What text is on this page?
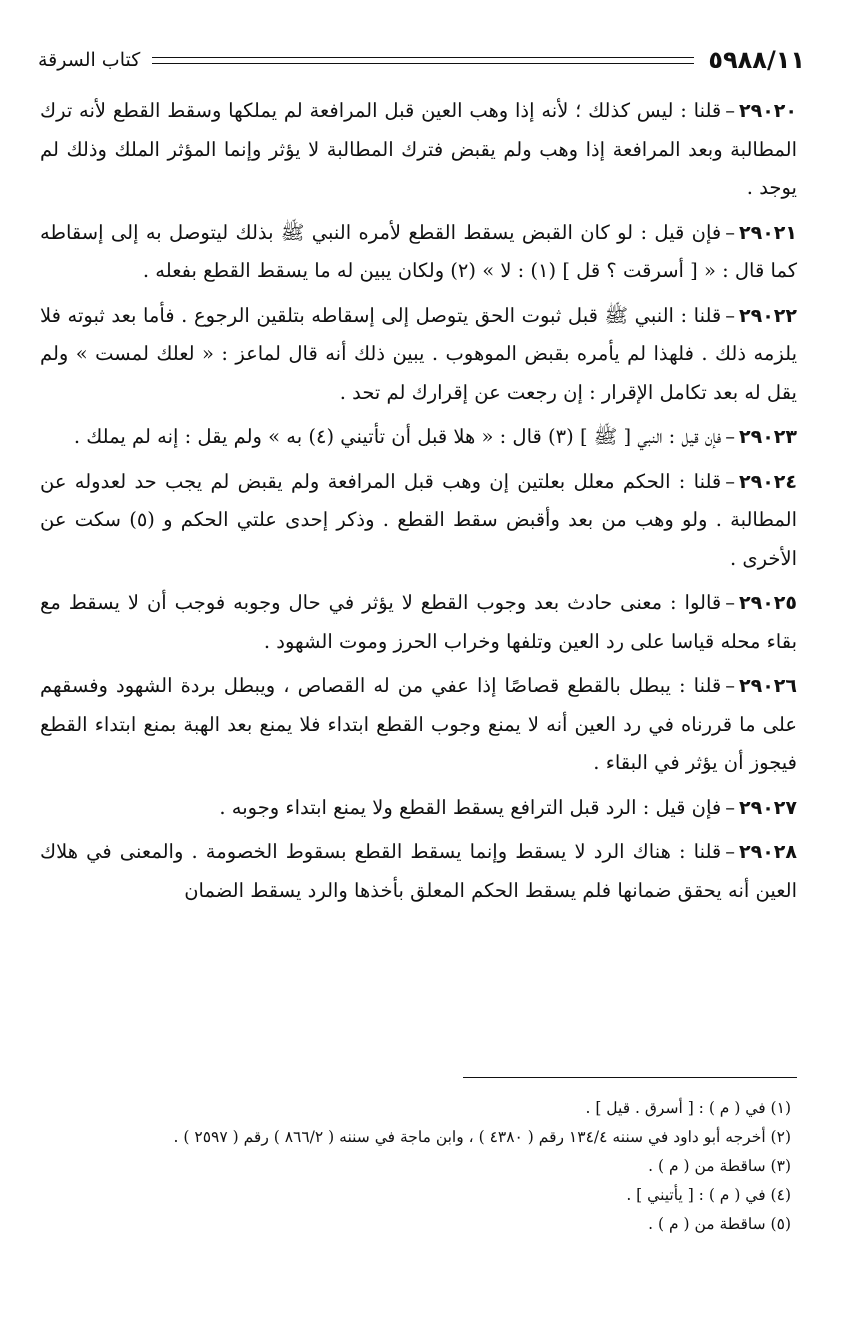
٥٩٨٨/١١
كتاب السرقة

٢٩٠٢٠–قلنا : ليس كذلك ؛ لأنه إذا وهب العين قبل المرافعة لم يملكها وسقط القطع لأنه ترك المطالبة وبعد المرافعة إذا وهب ولم يقبض فترك المطالبة لا يؤثر وإنما المؤثر الملك وذلك لم يوجد .

٢٩٠٢١–فإن قيل : لو كان القبض يسقط القطع لأمره النبي ﷺ بذلك ليتوصل به إلى إسقاطه كما قال : « [ أسرقت ؟ قل ] (١) : لا » (٢) ولكان يبين له ما يسقط القطع بفعله .

٢٩٠٢٢–قلنا : النبي ﷺ قبل ثبوت الحق يتوصل إلى إسقاطه بتلقين الرجوع . فأما بعد ثبوته فلا يلزمه ذلك . فلهذا لم يأمره بقبض الموهوب . يبين ذلك أنه قال لماعز : « لعلك لمست » ولم يقل له بعد تكامل الإقرار : إن رجعت عن إقرارك لم تحد .

٢٩٠٢٣–فإن قيل : النبي [ ﷺ ] (٣) قال : « هلا قبل أن تأتيني (٤) به » ولم يقل : إنه لم يملك .

٢٩٠٢٤–قلنا : الحكم معلل بعلتين إن وهب قبل المرافعة ولم يقبض لم يجب حد لعدوله عن المطالبة . ولو وهب من بعد وأقبض سقط القطع . وذكر إحدى علتي الحكم و (٥) سكت عن الأخرى .

٢٩٠٢٥–قالوا : معنى حادث بعد وجوب القطع لا يؤثر في حال وجوبه فوجب أن لا يسقط مع بقاء محله قياسا على رد العين وتلفها وخراب الحرز وموت الشهود .

٢٩٠٢٦–قلنا : يبطل بالقطع قصاصًا إذا عفي من له القصاص ، ويبطل بردة الشهود وفسقهم على ما قررناه في رد العين أنه لا يمنع وجوب القطع ابتداء فلا يمنع بعد الهبة بمنع ابتداء القطع فيجوز أن يؤثر في البقاء .

٢٩٠٢٧–فإن قيل : الرد قبل الترافع يسقط القطع ولا يمنع ابتداء وجوبه .

٢٩٠٢٨–قلنا : هناك الرد لا يسقط وإنما يسقط القطع بسقوط الخصومة . والمعنى في هلاك العين أنه يحقق ضمانها فلم يسقط الحكم المعلق بأخذها والرد يسقط الضمان

(١) في ( م ) : [ أسرق . قيل ] .
(٢) أخرجه أبو داود في سننه ١٣٤/٤ رقم ( ٤٣٨٠ ) ، وابن ماجة في سننه ( ٨٦٦/٢ ) رقم ( ٢٥٩٧ ) .
(٣) ساقطة من ( م ) .
(٤) في ( م ) : [ يأتيني ] .
(٥) ساقطة من ( م ) .
